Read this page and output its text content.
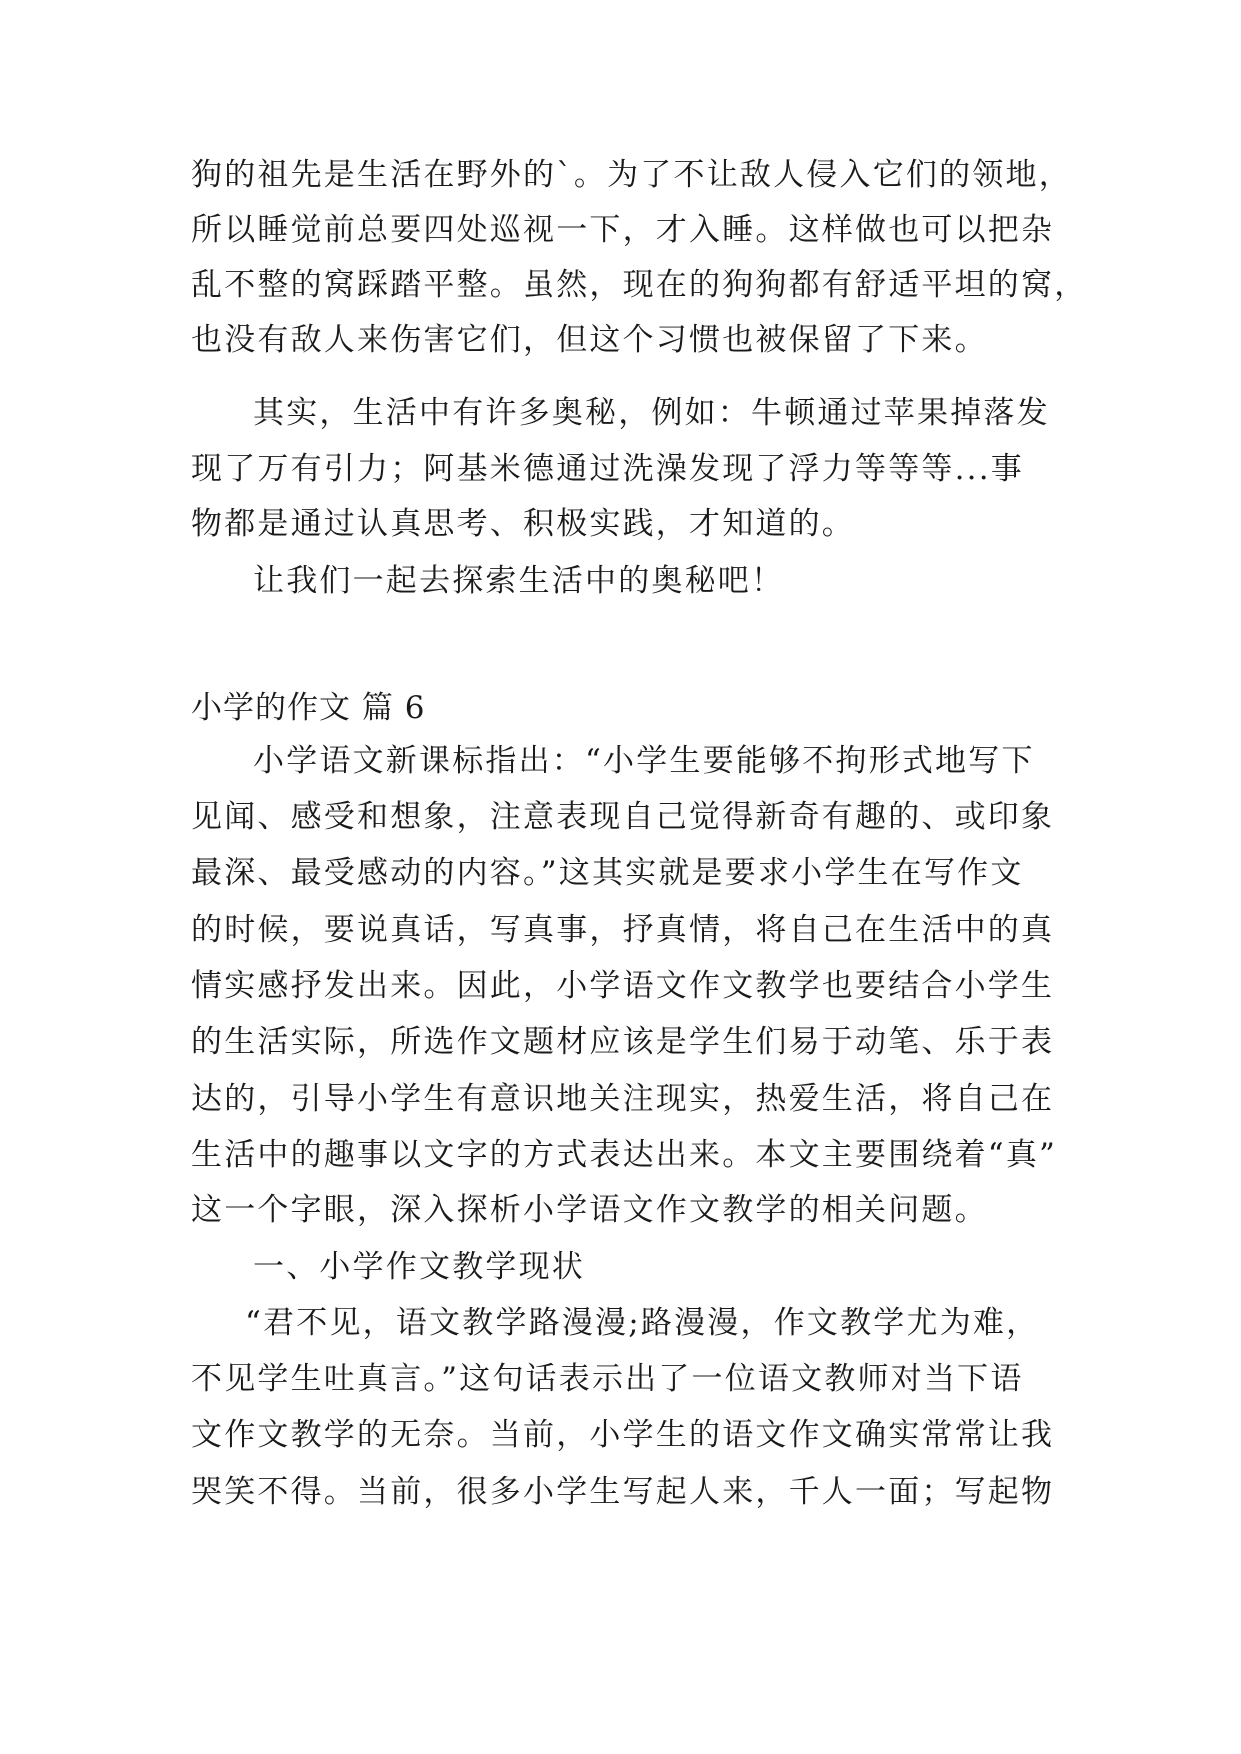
狗的祖先是生活在野外的`。为了不让敌人侵入它们的领地，
所以睡觉前总要四处巡视一下，才入睡。这样做也可以把杂
乱不整的窝踩踏平整。虽然，现在的狗狗都有舒适平坦的窝，
也没有敌人来伤害它们，但这个习惯也被保留了下来。
其实，生活中有许多奥秘，例如：牛顿通过苹果掉落发
现了万有引力；阿基米德通过洗澡发现了浮力等等等...事
物都是通过认真思考、积极实践，才知道的。
让我们一起去探索生活中的奥秘吧！
小学的作文 篇 6
小学语文新课标指出：“小学生要能够不拘形式地写下
见闻、感受和想象，注意表现自己觉得新奇有趣的、或印象
最深、最受感动的内容。”这其实就是要求小学生在写作文
的时候，要说真话，写真事，抒真情，将自己在生活中的真
情实感抒发出来。因此，小学语文作文教学也要结合小学生
的生活实际，所选作文题材应该是学生们易于动笔、乐于表
达的，引导小学生有意识地关注现实，热爱生活，将自己在
生活中的趣事以文字的方式表达出来。本文主要围绕着“真”
这一个字眼，深入探析小学语文作文教学的相关问题。
一、小学作文教学现状
“君不见，语文教学路漫漫;路漫漫，作文教学尤为难，
不见学生吐真言。”这句话表示出了一位语文教师对当下语
文作文教学的无奈。当前，小学生的语文作文确实常常让我
哭笑不得。当前，很多小学生写起人来，千人一面；写起物
